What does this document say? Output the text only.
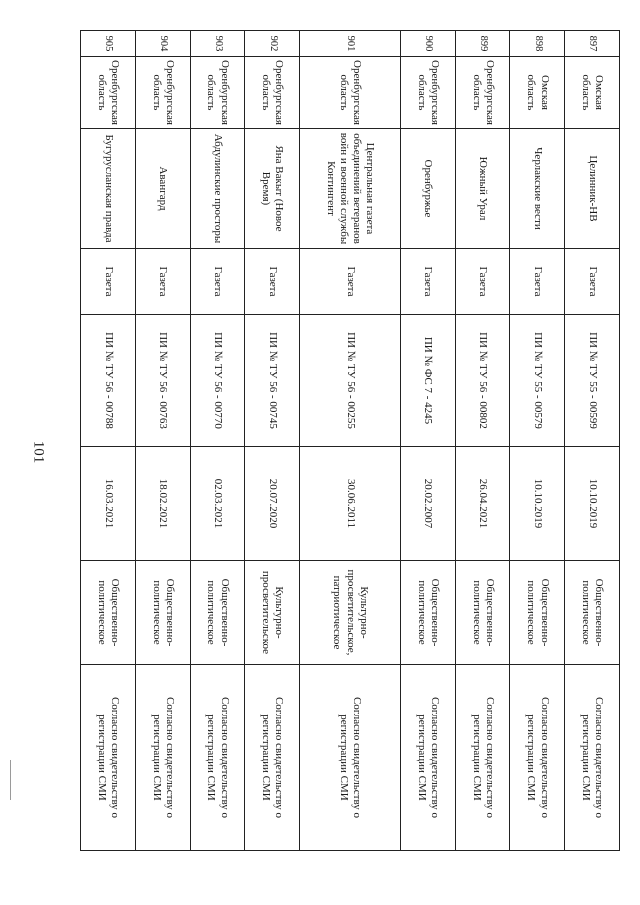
101
897	Омская область	Целинник-НВ	Газета	ПИ № ТУ 55 - 00599	10.10.2019	Общественно-политическое	Согласно свидетельству о регистрации СМИ
898	Омская область	Черлакские вести	Газета	ПИ № ТУ 55 - 00579	10.10.2019	Общественно-политическое	Согласно свидетельству о регистрации СМИ
899	Оренбургская область	Южный Урал	Газета	ПИ № ТУ 56 - 00802	26.04.2021	Общественно-политическое	Согласно свидетельству о регистрации СМИ
900	Оренбургская область	Оренбуржье	Газета	ПИ № ФС 7 - 4245	20.02.2007	Общественно-политическое	Согласно свидетельству о регистрации СМИ
901	Оренбургская область	Центральная газета объединений ветеранов войн и военной службы Контингент	Газета	ПИ № ТУ 56 - 00255	30.06.2011	Культурно-просветительское, патриотическое	Согласно свидетельству о регистрации СМИ
902	Оренбургская область	Яна Вакыт (Новое Время)	Газета	ПИ № ТУ 56 - 00745	20.07.2020	Культурно-просветительское	Согласно свидетельству о регистрации СМИ
903	Оренбургская область	Абдулинские просторы	Газета	ПИ № ТУ 56 - 00770	02.03.2021	Общественно-политическое	Согласно свидетельству о регистрации СМИ
904	Оренбургская область	Авангард	Газета	ПИ № ТУ 56 - 00763	18.02.2021	Общественно-политическое	Согласно свидетельству о регистрации СМИ
905	Оренбургская область	Бугурусланская правда	Газета	ПИ № ТУ 56 - 00788	16.03.2021	Общественно-политическое	Согласно свидетельству о регистрации СМИ
